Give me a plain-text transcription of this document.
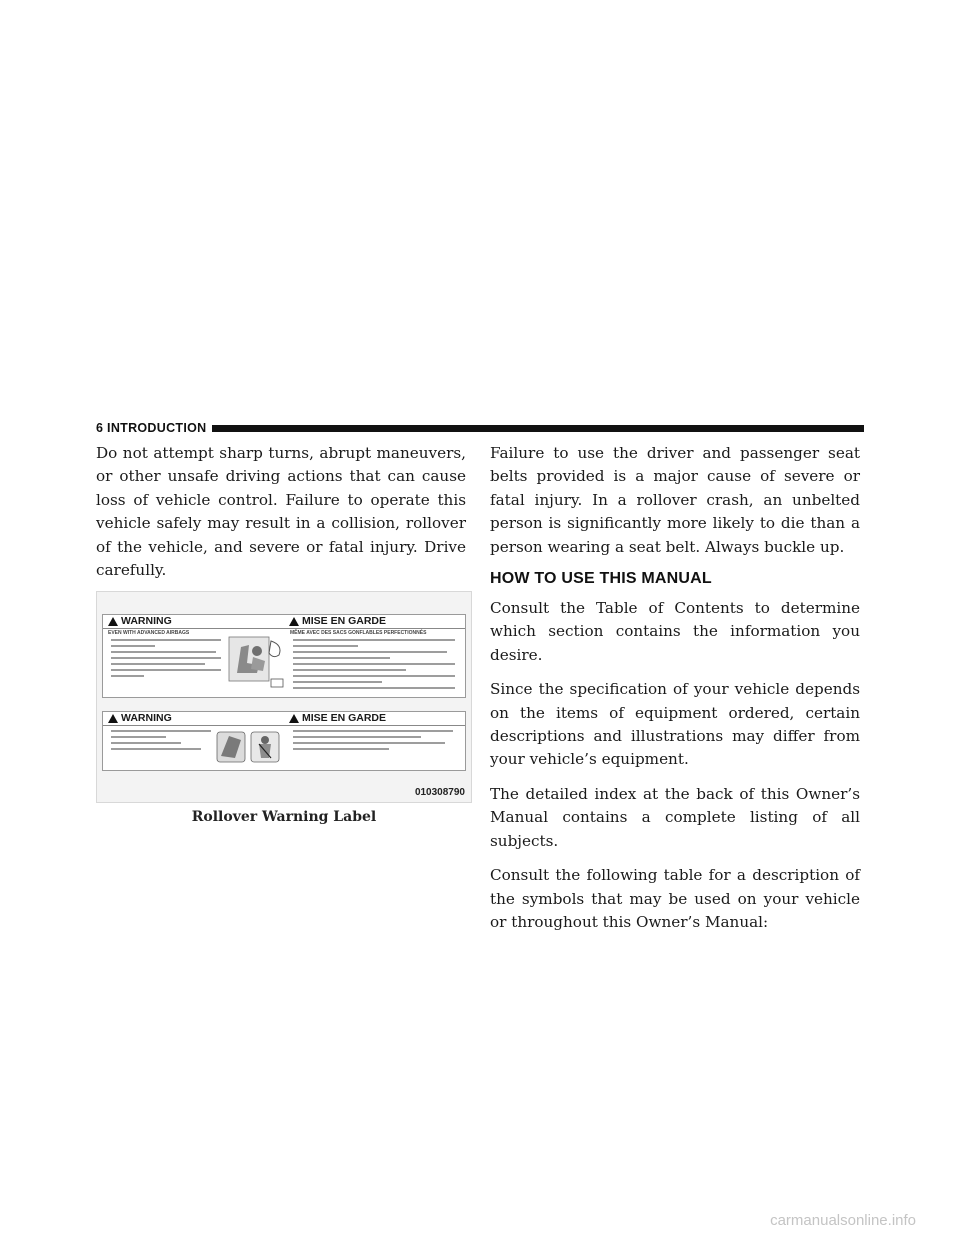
6 INTRODUCTION

Do not attempt sharp turns, abrupt maneuvers, or other unsafe driving actions that can cause loss of vehicle control. Failure to operate this vehicle safely may result in a collision, rollover of the vehicle, and severe or fatal injury. Drive carefully.

WARNING	MISE EN GARDE
EVEN WITH ADVANCED AIRBAGS	MÊME AVEC DES SACS GONFLABLES PERFECTIONNÉS
WARNING	MISE EN GARDE
010308790
Rollover Warning Label

Failure to use the driver and passenger seat belts provided is a major cause of severe or fatal injury. In a rollover crash, an unbelted person is significantly more likely to die than a person wearing a seat belt. Always buckle up.

HOW TO USE THIS MANUAL

Consult the Table of Contents to determine which section contains the information you desire.

Since the specification of your vehicle depends on the items of equipment ordered, certain descriptions and illustrations may differ from your vehicle’s equipment.

The detailed index at the back of this Owner’s Manual contains a complete listing of all subjects.

Consult the following table for a description of the symbols that may be used on your vehicle or throughout this Owner’s Manual:

carmanualsonline.info
